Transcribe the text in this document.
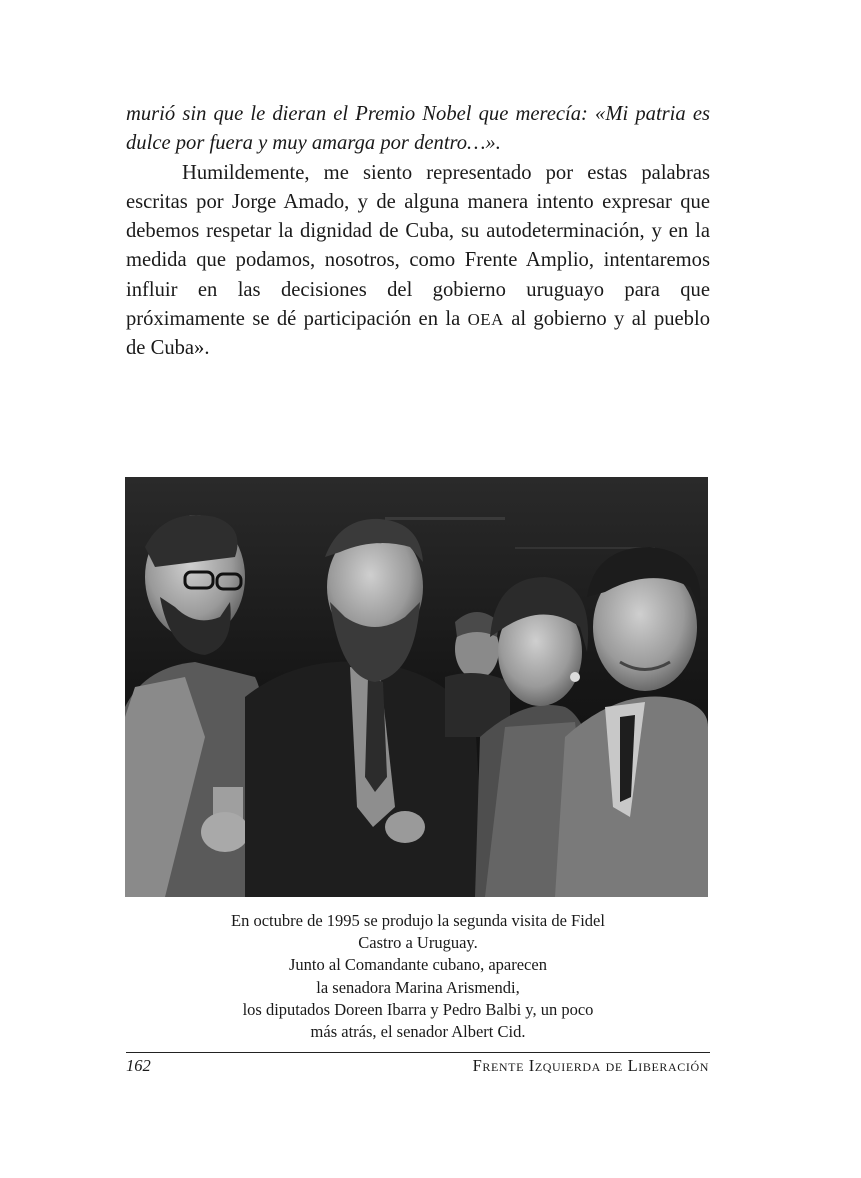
murió sin que le dieran el Premio Nobel que merecía: «Mi patria es dulce por fuera y muy amarga por dentro…».

Humildemente, me siento representado por estas palabras escritas por Jorge Amado, y de alguna manera intento expresar que debemos respetar la dignidad de Cuba, su autodeterminación, y en la medida que podamos, nosotros, como Frente Amplio, intentaremos influir en las decisiones del gobierno uruguayo para que próximamente se dé participación en la OEA al gobierno y al pueblo de Cuba».

En octubre de 1995 se produjo la segunda visita de Fidel
Castro a Uruguay.
Junto al Comandante cubano, aparecen
la senadora Marina Arismendi,
los diputados Doreen Ibarra y Pedro Balbi y, un poco
más atrás, el senador Albert Cid.
162	Frente Izquierda de Liberación
